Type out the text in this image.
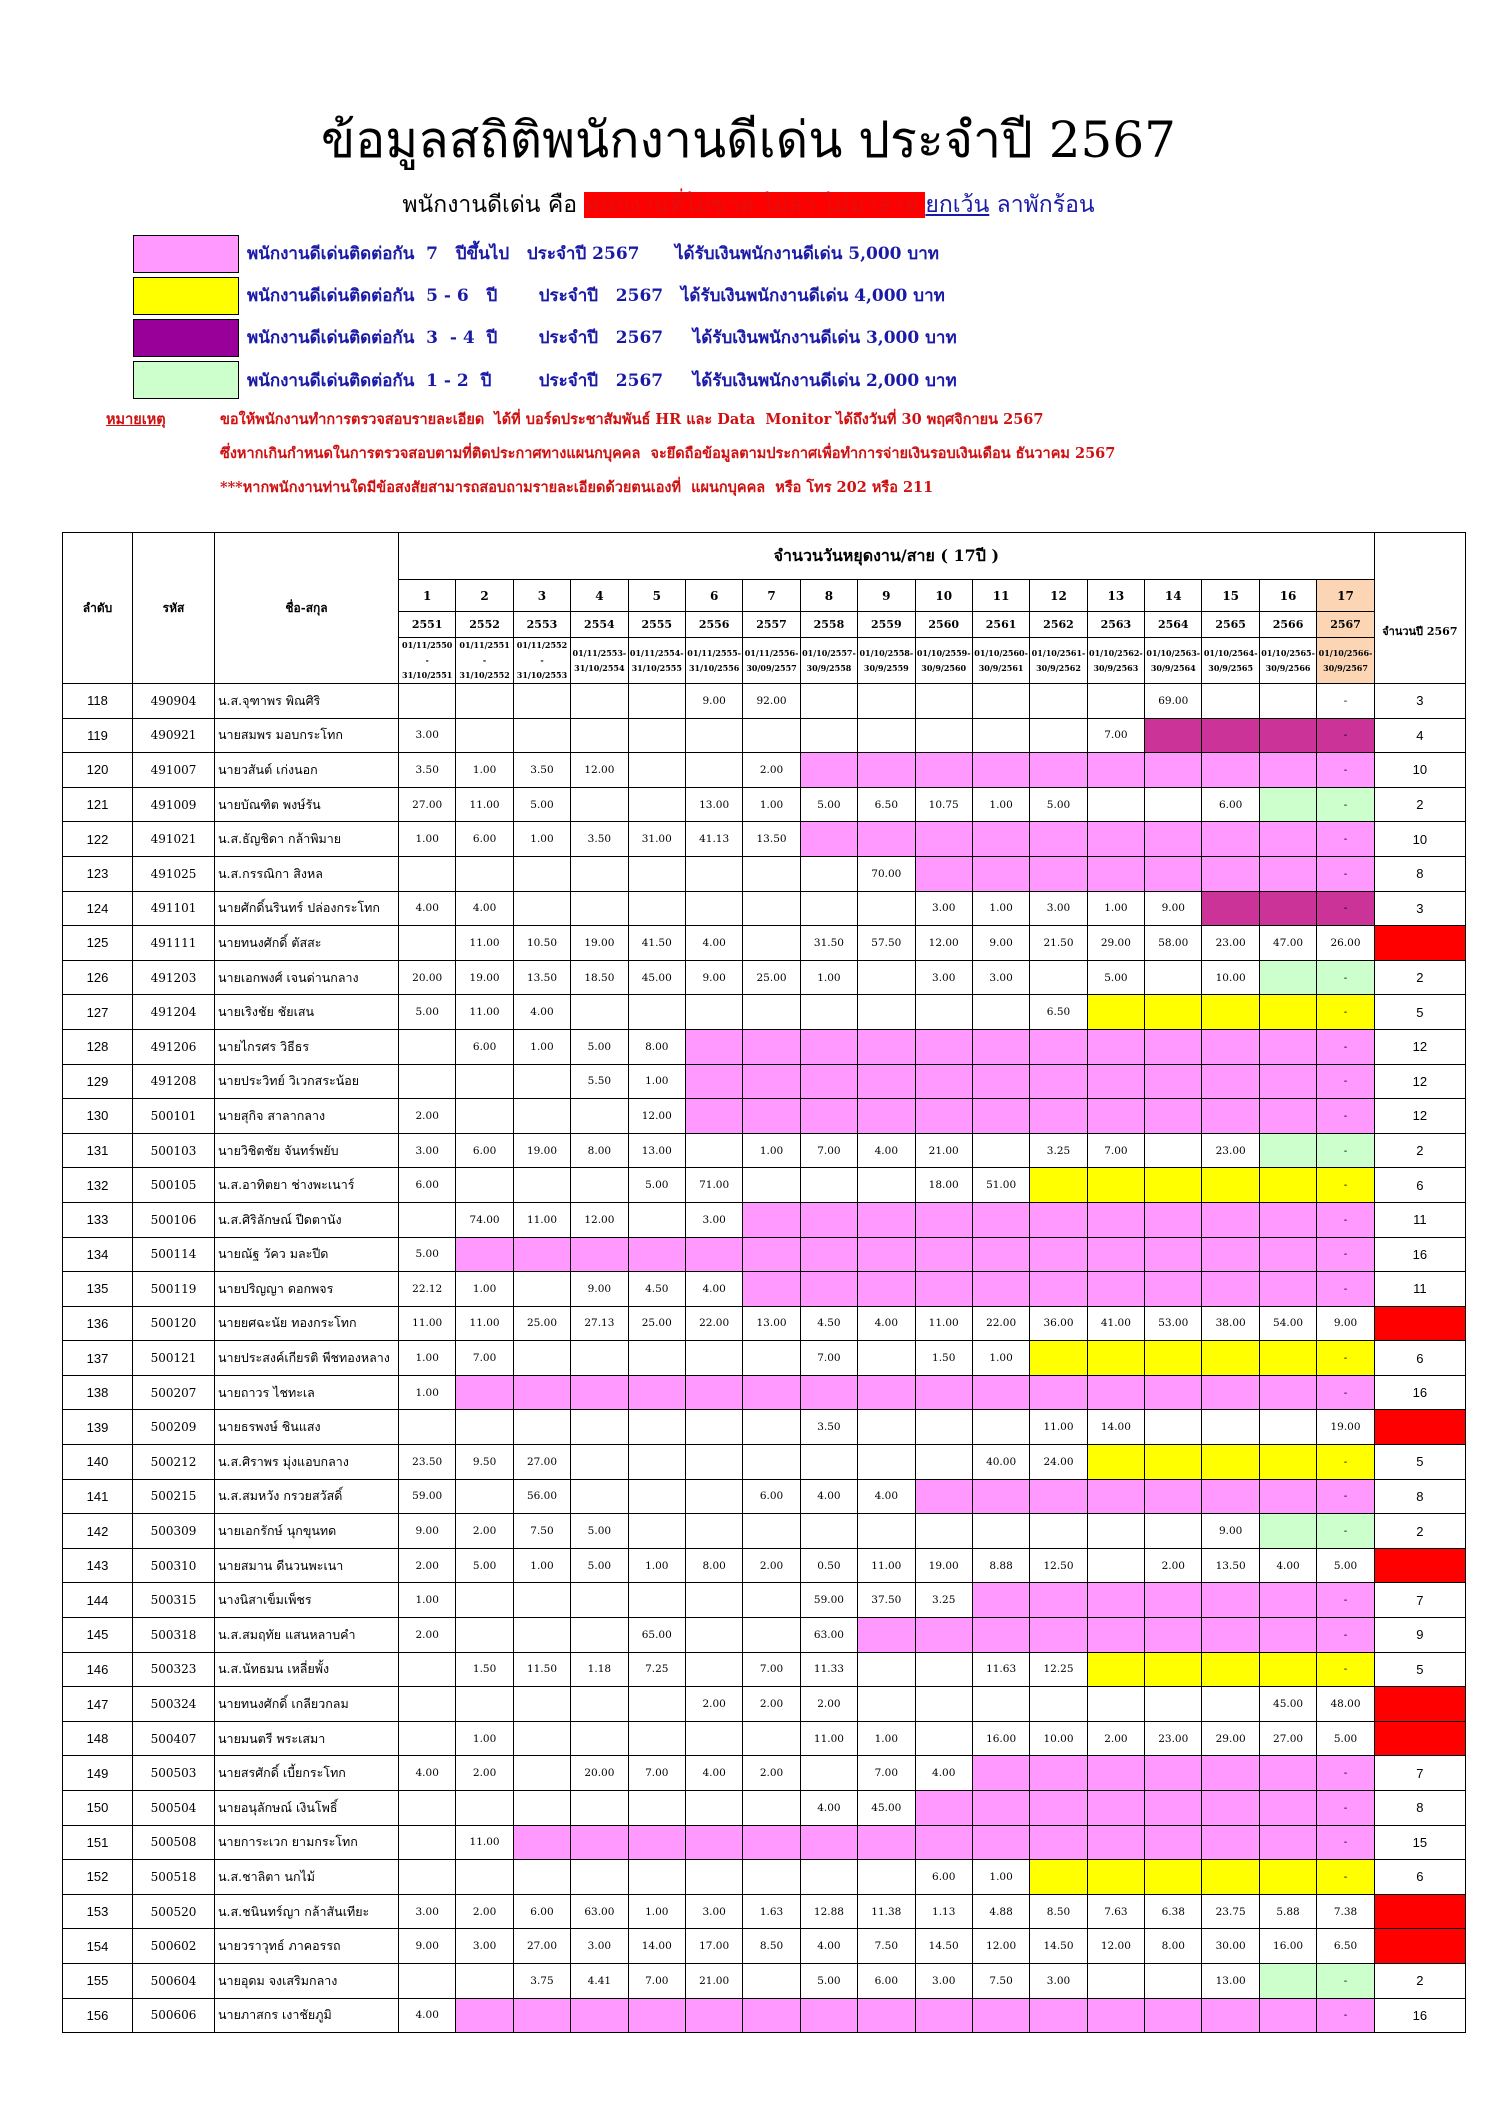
ข้อมูลสถิติพนักงานดีเด่น ประจำปี 2567
พนักงานดีเด่น คือ พนักงานที่ไม่ขาด ไม่ลา ไม่มาสาย ยกเว้น ลาพักร้อน
พนักงานดีเด่นติดต่อกัน  7   ปีขึ้นไป   ประจำปี 2567      ได้รับเงินพนักงานดีเด่น 5,000 บาท
พนักงานดีเด่นติดต่อกัน  5 - 6   ปี       ประจำปี   2567   ได้รับเงินพนักงานดีเด่น 4,000 บาท
พนักงานดีเด่นติดต่อกัน  3  - 4  ปี       ประจำปี   2567     ได้รับเงินพนักงานดีเด่น 3,000 บาท
พนักงานดีเด่นติดต่อกัน  1 - 2  ปี        ประจำปี   2567     ได้รับเงินพนักงานดีเด่น 2,000 บาท
หมายเหตุ	ขอให้พนักงานทำการตรวจสอบรายละเอียด  ได้ที่ บอร์ดประชาสัมพันธ์ HR และ Data  Monitor ได้ถึงวันที่ 30 พฤศจิกายน 2567
ซึ่งหากเกินกำหนดในการตรวจสอบตามที่ติดประกาศทางแผนกบุคคล  จะยึดถือข้อมูลตามประกาศเพื่อทำการจ่ายเงินรอบเงินเดือน ธันวาคม 2567
***หากพนักงานท่านใดมีข้อสงสัยสามารถสอบถามรายละเอียดด้วยตนเองที่  แผนกบุคคล  หรือ โทร 202 หรือ 211
ลำดับ	รหัส	ชื่อ-สกุล	จำนวนวันหยุดงาน/สาย ( 17ปี )																	
			1	2	3	4	5	6	7	8	9	10	11	12	13	14	15	16	17	จำนวนปี 2567
			2551	2552	2553	2554	2555	2556	2557	2558	2559	2560	2561	2562	2563	2564	2565	2566	2567	
			01/11/2550 - 31/10/2551	01/11/2551 - 31/10/2552	01/11/2552 - 31/10/2553	01/11/2553- 31/10/2554	01/11/2554- 31/10/2555	01/11/2555- 31/10/2556	01/11/2556- 30/09/2557	01/10/2557- 30/9/2558	01/10/2558- 30/9/2559	01/10/2559- 30/9/2560	01/10/2560- 30/9/2561	01/10/2561- 30/9/2562	01/10/2562- 30/9/2563	01/10/2563- 30/9/2564	01/10/2564- 30/9/2565	01/10/2565- 30/9/2566	01/10/2566- 30/9/2567	
118	490904	น.ส.จุฑาพร พิณศิริ						9.00	92.00							69.00			-	3
119	490921	นายสมพร มอบกระโทก	3.00												7.00				-	4
120	491007	นายวสันต์ เก่งนอก	3.50	1.00	3.50	12.00			2.00										-	10
121	491009	นายบัณฑิต พงษ์รัน	27.00	11.00	5.00			13.00	1.00	5.00	6.50	10.75	1.00	5.00			6.00		-	2
122	491021	น.ส.ธัญชิดา กล้าพิมาย	1.00	6.00	1.00	3.50	31.00	41.13	13.50										-	10
123	491025	น.ส.กรรณิกา สิงหล									70.00								-	8
124	491101	นายศักดิ์นรินทร์ ปล่องกระโทก	4.00	4.00								3.00	1.00	3.00	1.00	9.00			-	3
125	491111	นายทนงศักดิ์ ตัสสะ		11.00	10.50	19.00	41.50	4.00		31.50	57.50	12.00	9.00	21.50	29.00	58.00	23.00	47.00	26.00	
126	491203	นายเอกพงศ์ เจนด่านกลาง	20.00	19.00	13.50	18.50	45.00	9.00	25.00	1.00		3.00	3.00		5.00		10.00		-	2
127	491204	นายเริงชัย ชัยเสน	5.00	11.00	4.00									6.50					-	5
128	491206	นายไกรศร วิธีธร		6.00	1.00	5.00	8.00												-	12
129	491208	นายประวิทย์ วิเวกสระน้อย				5.50	1.00												-	12
130	500101	นายสุกิจ สาลากลาง	2.00				12.00												-	12
131	500103	นายวิชิตชัย จันทร์พยับ	3.00	6.00	19.00	8.00	13.00		1.00	7.00	4.00	21.00		3.25	7.00		23.00		-	2
132	500105	น.ส.อาทิตยา ช่างพะเนาร์	6.00				5.00	71.00				18.00	51.00						-	6
133	500106	น.ส.ศิริลักษณ์ ปีดตานัง		74.00	11.00	12.00		3.00											-	11
134	500114	นายณัฐ วัคว มละปีด	5.00																-	16
135	500119	นายปริญญา ดอกพจร	22.12	1.00		9.00	4.50	4.00											-	11
136	500120	นายยศฉะนัย ทองกระโทก	11.00	11.00	25.00	27.13	25.00	22.00	13.00	4.50	4.00	11.00	22.00	36.00	41.00	53.00	38.00	54.00	9.00	
137	500121	นายประสงค์เกียรติ พีชทองหลาง	1.00	7.00						7.00		1.50	1.00						-	6
138	500207	นายถาวร ไชทะเล	1.00																-	16
139	500209	นายธรพงษ์ ชินแสง								3.50				11.00	14.00				19.00	
140	500212	น.ส.ศิราพร มุ่งแอบกลาง	23.50	9.50	27.00								40.00	24.00					-	5
141	500215	น.ส.สมหวัง กรวยสวัสดิ์	59.00		56.00				6.00	4.00	4.00								-	8
142	500309	นายเอกรักษ์ นุกขุนทด	9.00	2.00	7.50	5.00											9.00		-	2
143	500310	นายสมาน ดีนวนพะเนา	2.00	5.00	1.00	5.00	1.00	8.00	2.00	0.50	11.00	19.00	8.88	12.50		2.00	13.50	4.00	5.00	
144	500315	นางนิสาเข็มเพ็ชร	1.00							59.00	37.50	3.25							-	7
145	500318	น.ส.สมฤทัย แสนหลาบคำ	2.00				65.00			63.00									-	9
146	500323	น.ส.นัทธมน เหลี่ยพั้ง		1.50	11.50	1.18	7.25		7.00	11.33			11.63	12.25					-	5
147	500324	นายทนงศักดิ์ เกลียวกลม						2.00	2.00	2.00								45.00	48.00	
148	500407	นายมนตรี พระเสมา		1.00						11.00	1.00		16.00	10.00	2.00	23.00	29.00	27.00	5.00	
149	500503	นายสรศักดิ์ เบี้ยกระโทก	4.00	2.00		20.00	7.00	4.00	2.00		7.00	4.00							-	7
150	500504	นายอนุลักษณ์ เงินโพธิ์								4.00	45.00								-	8
151	500508	นายการะเวก ยามกระโทก		11.00															-	15
152	500518	น.ส.ชาลิตา นกไม้										6.00	1.00						-	6
153	500520	น.ส.ชนินทร์ญา กล้าสันเทียะ	3.00	2.00	6.00	63.00	1.00	3.00	1.63	12.88	11.38	1.13	4.88	8.50	7.63	6.38	23.75	5.88	7.38	
154	500602	นายวราวุทธ์ ภาคอรรถ	9.00	3.00	27.00	3.00	14.00	17.00	8.50	4.00	7.50	14.50	12.00	14.50	12.00	8.00	30.00	16.00	6.50	
155	500604	นายอุดม จงเสริมกลาง			3.75	4.41	7.00	21.00		5.00	6.00	3.00	7.50	3.00			13.00		-	2
156	500606	นายภาสกร เงาชัยภูมิ	4.00																-	16
